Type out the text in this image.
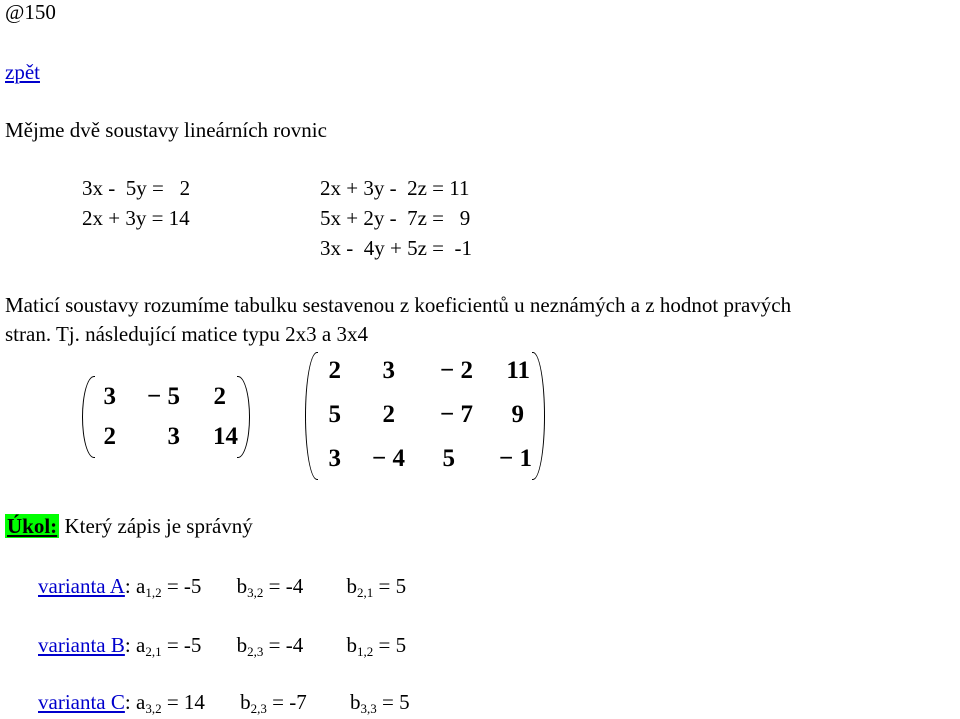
@150
zpět
Mějme dvě soustavy lineárních rovnic
3x -  5y =   2
2x + 3y = 14
2x + 3y -  2z = 11
5x + 2y -  7z =   9
3x -  4y + 5z =  -1
Maticí soustavy rozumíme tabulku sestavenou z koeficientů u neznámých a z hodnot pravých
stran. Tj. následující matice typu 2x3 a 3x4
3	− 5	2
2	3	14
2	3	− 2	11
5	2	− 7	9
3	− 4	5	− 1
Úkol: Který zápis je správný
varianta A: $a_{1,2} = -5$ $b_{3,2} = -4$ $b_{2,1} = 5$
varianta B: $a_{2,1} = -5$ $b_{2,3} = -4$ $b_{1,2} = 5$
varianta C: $a_{3,2} = 14$ $b_{2,3} = -7$ $b_{3,3} = 5$
